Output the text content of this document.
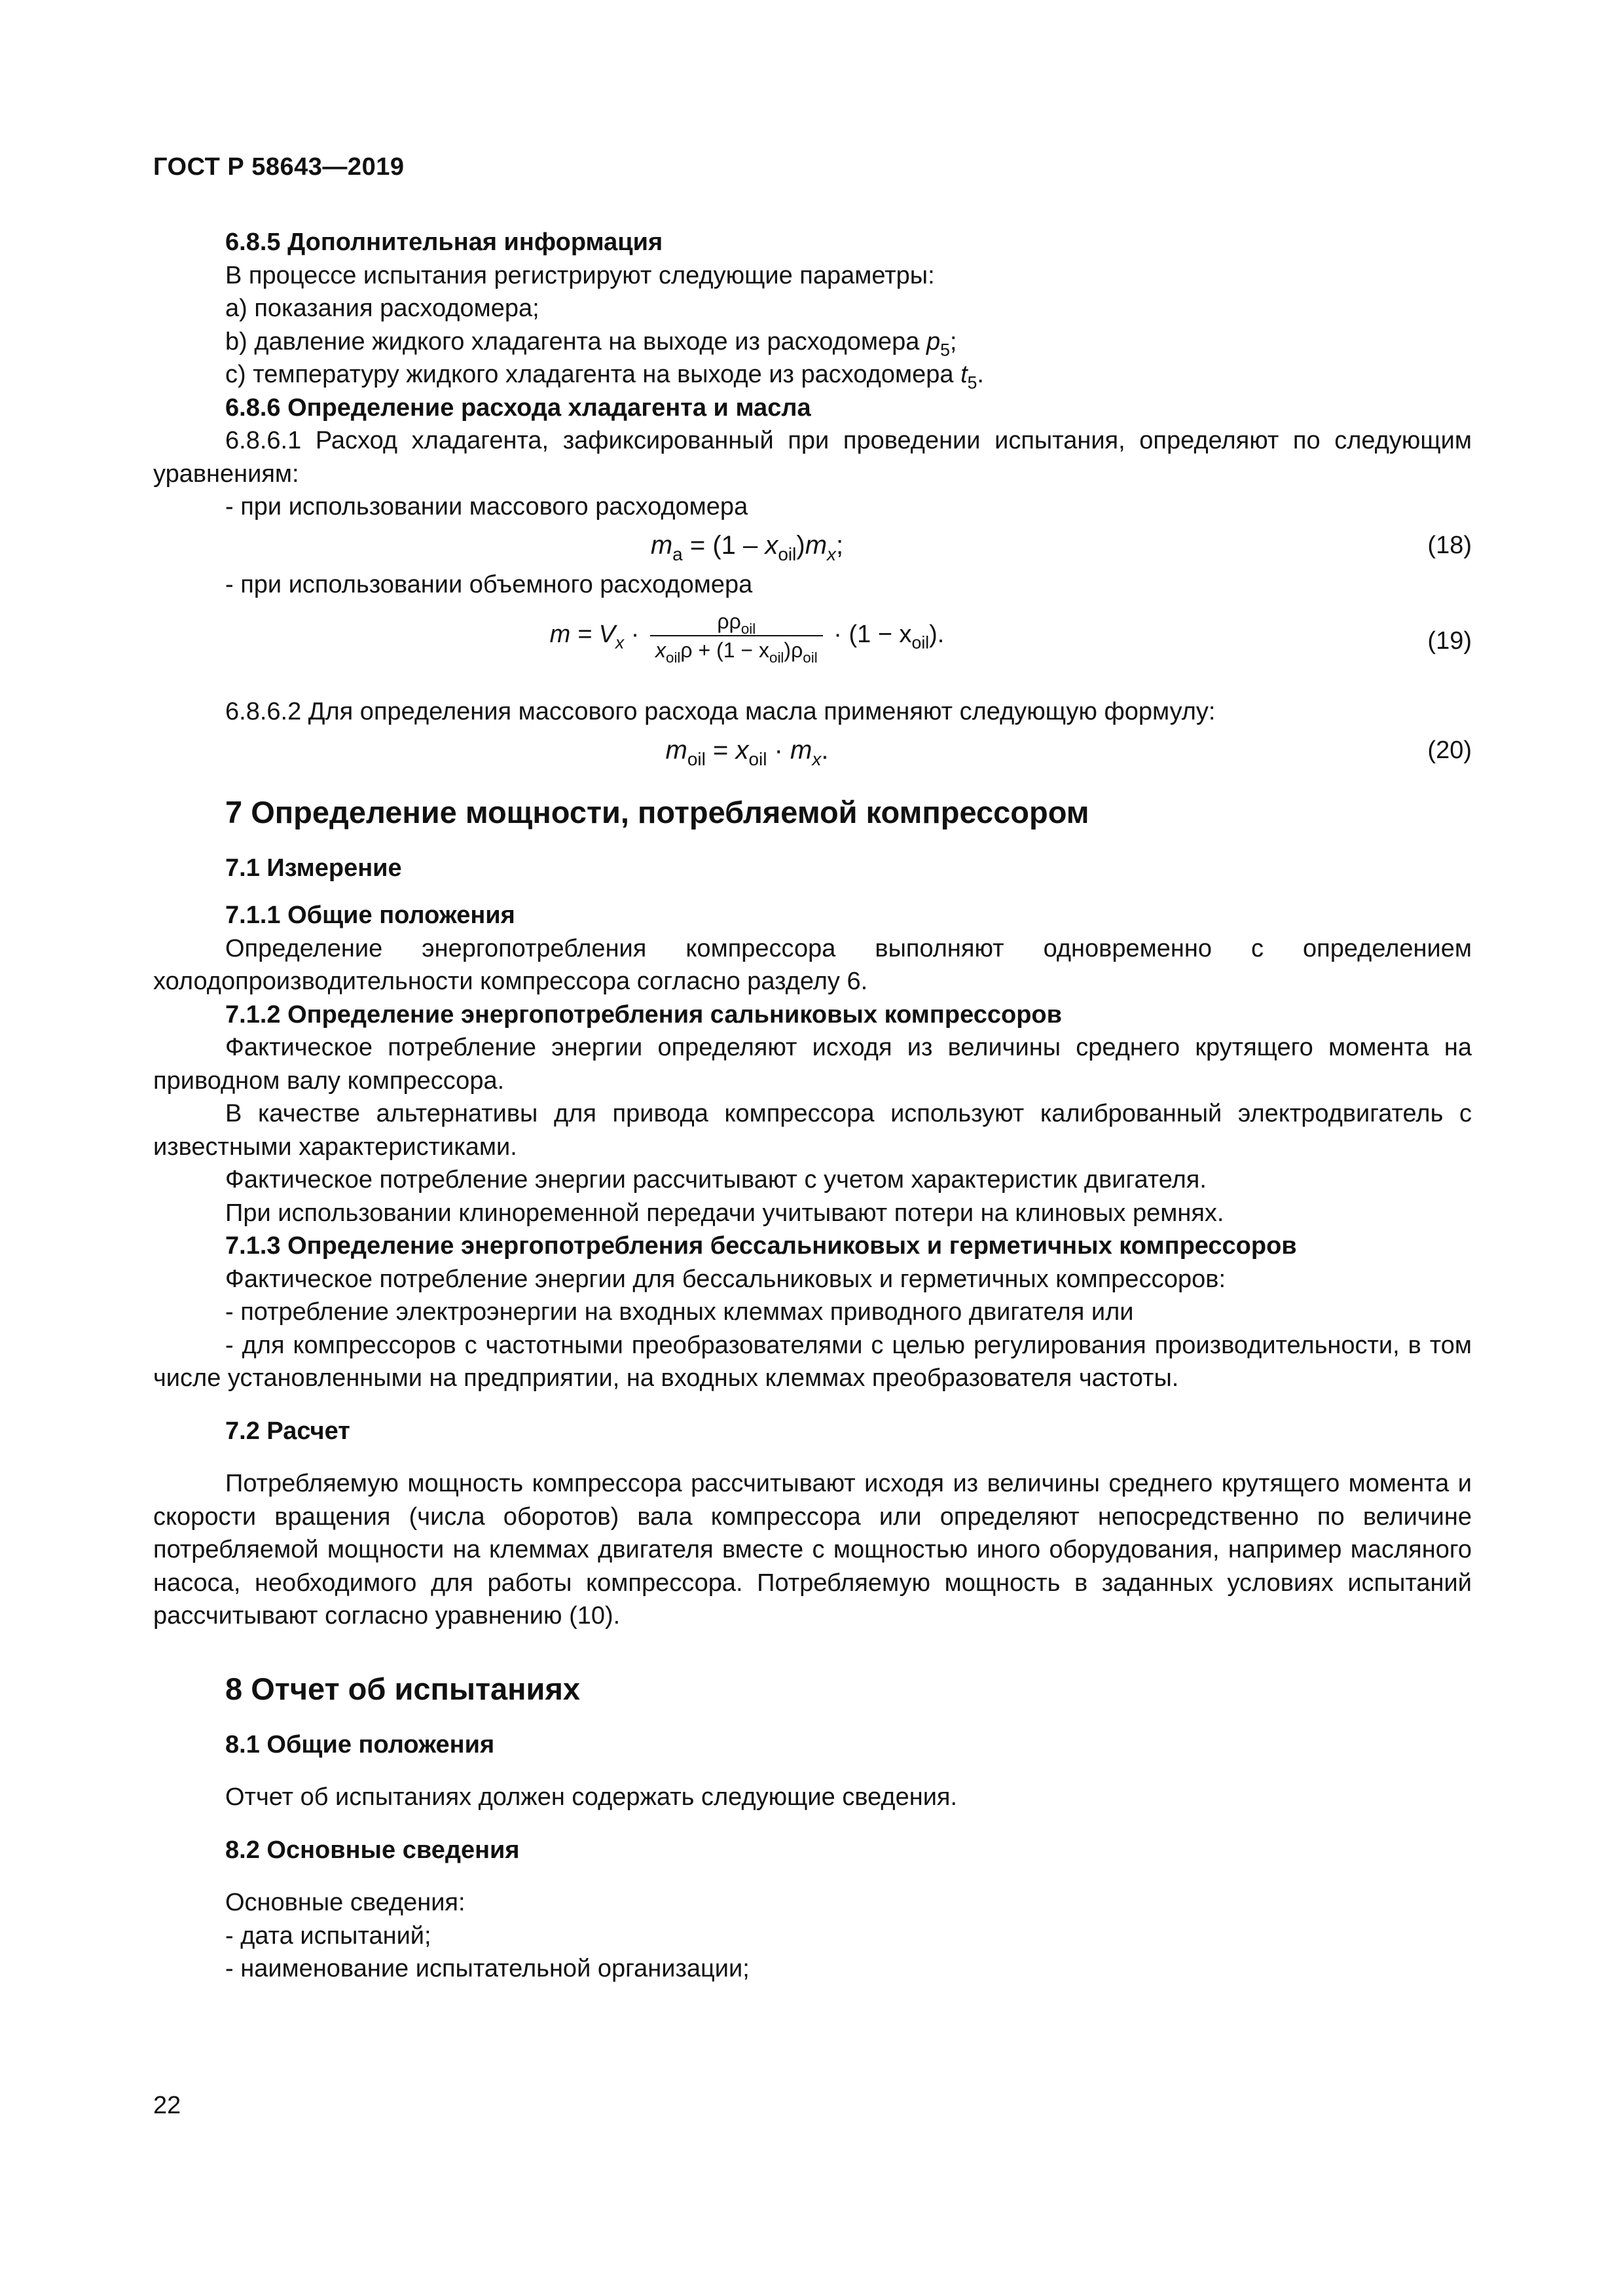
ГОСТ Р 58643—2019

6.8.5 Дополнительная информация

В процессе испытания регистрируют следующие параметры:

а) показания расходомера;

b) давление жидкого хладагента на выходе из расходомера $p_5$;

c) температуру жидкого хладагента на выходе из расходомера $t_5$.

6.8.6 Определение расхода хладагента и масла

6.8.6.1 Расход хладагента, зафиксированный при проведении испытания, определяют по следующим уравнениям:

- при использовании массового расходомера

$m_a = (1 - x_{oil})m_x$;	(18)

- при использовании объемного расходомера

$m = V_x \cdot \frac{\rho\rho_{oil}}{x_{oil}\rho + (1 - x_{oil})\rho_{oil}} \cdot (1 - x_{oil})$.	(19)

6.8.6.2 Для определения массового расхода масла применяют следующую формулу:

$m_{oil} = x_{oil} \cdot m_x$.	(20)

7 Определение мощности, потребляемой компрессором

7.1 Измерение

7.1.1 Общие положения

Определение энергопотребления компрессора выполняют одновременно с определением холодопроизводительности компрессора согласно разделу 6.

7.1.2 Определение энергопотребления сальниковых компрессоров

Фактическое потребление энергии определяют исходя из величины среднего крутящего момента на приводном валу компрессора.

В качестве альтернативы для привода компрессора используют калиброванный электродвигатель с известными характеристиками.

Фактическое потребление энергии рассчитывают с учетом характеристик двигателя.

При использовании клиноременной передачи учитывают потери на клиновых ремнях.

7.1.3 Определение энергопотребления бессальниковых и герметичных компрессоров

Фактическое потребление энергии для бессальниковых и герметичных компрессоров:

- потребление электроэнергии на входных клеммах приводного двигателя или

- для компрессоров с частотными преобразователями с целью регулирования производительности, в том числе установленными на предприятии, на входных клеммах преобразователя частоты.

7.2 Расчет

Потребляемую мощность компрессора рассчитывают исходя из величины среднего крутящего момента и скорости вращения (числа оборотов) вала компрессора или определяют непосредственно по величине потребляемой мощности на клеммах двигателя вместе с мощностью иного оборудования, например масляного насоса, необходимого для работы компрессора. Потребляемую мощность в заданных условиях испытаний рассчитывают согласно уравнению (10).

8 Отчет об испытаниях

8.1 Общие положения

Отчет об испытаниях должен содержать следующие сведения.

8.2 Основные сведения

Основные сведения:

- дата испытаний;

- наименование испытательной организации;

22
